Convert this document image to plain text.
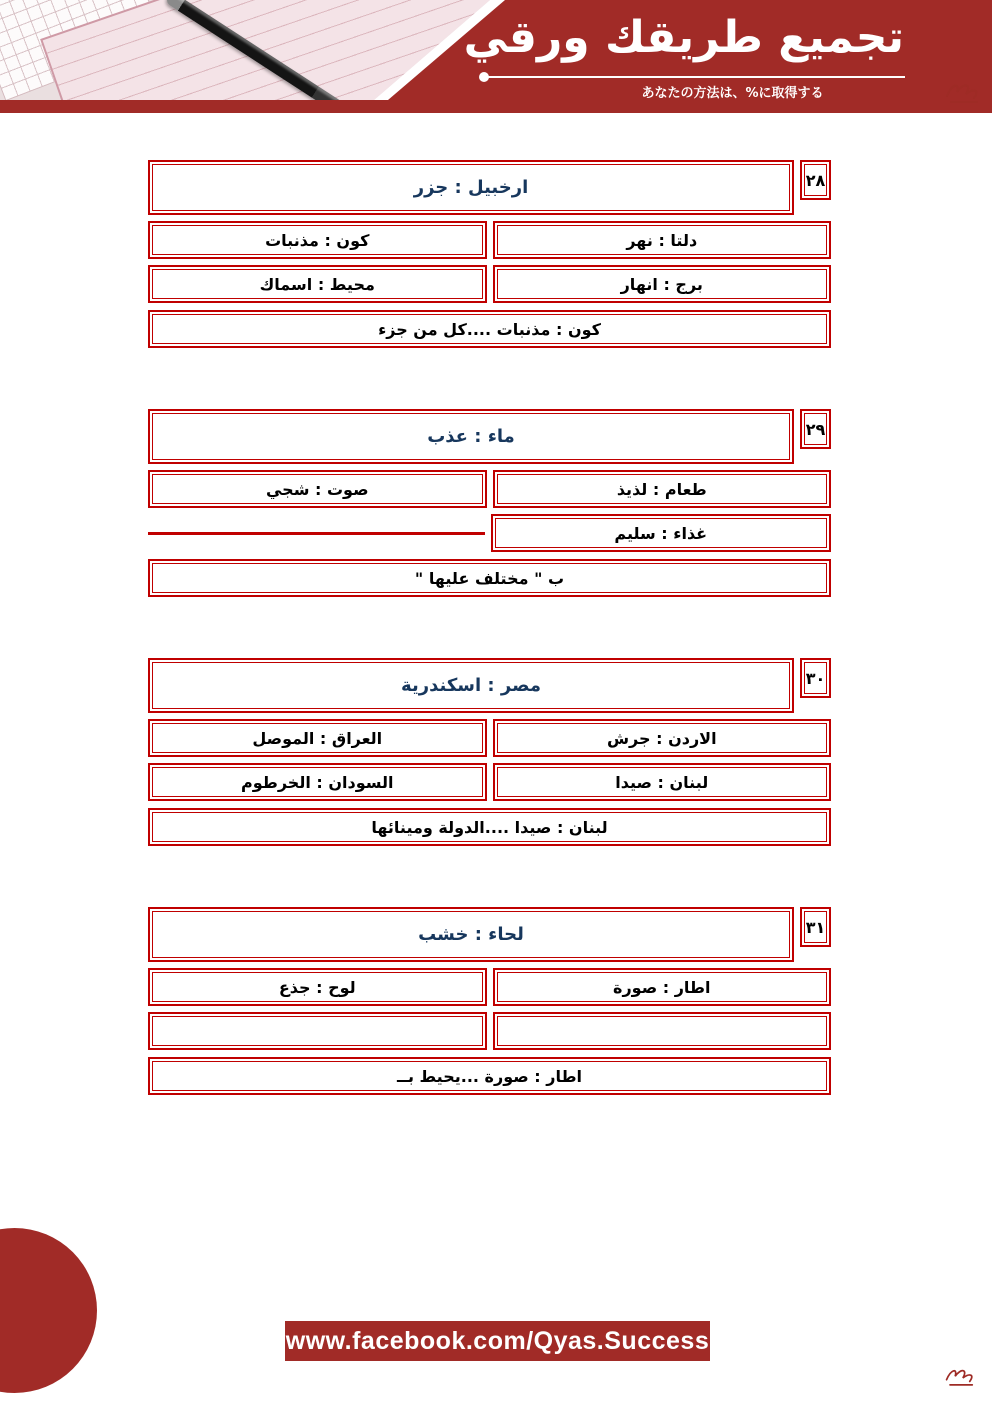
تجميع طريقك ورقي
あなたの方法は、%に取得する
٢٨
ارخبيل : جزر
دلتا : نهر
كون : مذنبات
برج : انهار
محيط : اسماك
كون : مذنبات ....كل من جزء
٢٩
ماء : عذب
طعام : لذيذ
صوت : شجي
غذاء : سليم
ب " مختلف عليها "
٣٠
مصر : اسكندرية
الاردن : جرش
العراق : الموصل
لبنان : صيدا
السودان : الخرطوم
لبنان : صيدا ....الدولة ومينائها
٣١
لحاء : خشب
اطار : صورة
لوح : جذع
اطار : صورة ...يحيط بــ
www.facebook.com/Qyas.Success
